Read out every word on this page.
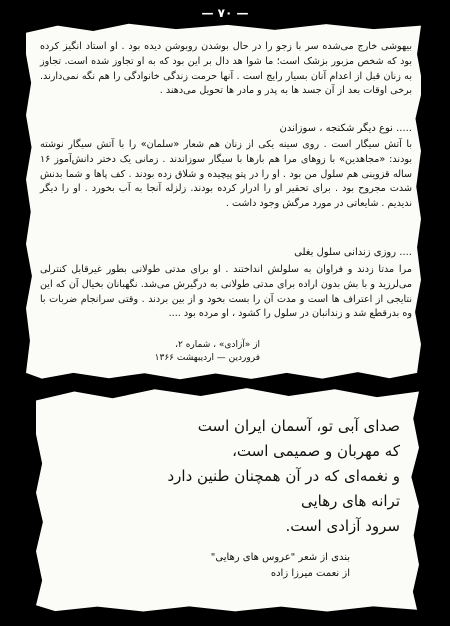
— ۷۰ —

بیهوشی خارج می‌شده سر با زجو را در حال بوشدن روبوشن دیده بود . او استاد انگیز کرده بود که شخص مزبور بزشک است؛ ما شوا هد دال بر این بود که به او تجاوز شده است. تجاوز به زنان قبل از اعدام آنان بسیار رایج است . آنها حرمت زندگی خانوادگی را هم نگه نمی‌دارند. برخی اوقات بعد از آن جسد ها به پدر و مادر ها تحویل می‌دهند .

..... نوع دیگر شکنجه ، سوزاندن

با آتش سیگار است . روی سینه‌ یکی از زنان هم شعار «سلمان» را با آتش سیگار نوشته بودند: «مجاهدین» با زوهای مرا هم بارها با سیگار سوزاندند . زمانی یک دختر دانش‌آموز ۱۶ ساله قزوینی هم سلول من بود . او را در پتو پیچیده و شلاق زده بودند . کف پاها و شما بدنش شدت مجروح بود . برای تحقیر او را ادرار کرده بودند. زلزله‌ آنجا به آب بخورد . او را دیگر ندیدیم . شایعاتی در مورد مرگش وجود داشت .

.... روزی زندانی سلول بغلی

مرا مدتا زدند و فراوان به سلولش انداختند . او برای مدتی طولانی بطور غیرقابل کنترلی می‌لرزید و با بش بدون اراده برای مدتی طولانی به درگیرش می‌شد. نگهبانان بخیال آن که این نتایجی از اعتراف ها است و مدت آن را بست بخود و از بین بردند . وقتی سرانجام ضربات با وه بدرقطع شد و زندانبان در سلول را کشود ، او مرده بود ....

از «آزادی» ، شماره ۲،
فروردین — اردیبهشت ۱۳۶۶
صدای آبی تو، آسمان ایران است
که مهربان و صمیمی است،
و نغمه‌ای که در آن همچنان طنین دارد
ترانه های رهایی
سرود آزادی است.
بندی از شعر "عروس های رهایی"
از نعمت میرزا زاده
